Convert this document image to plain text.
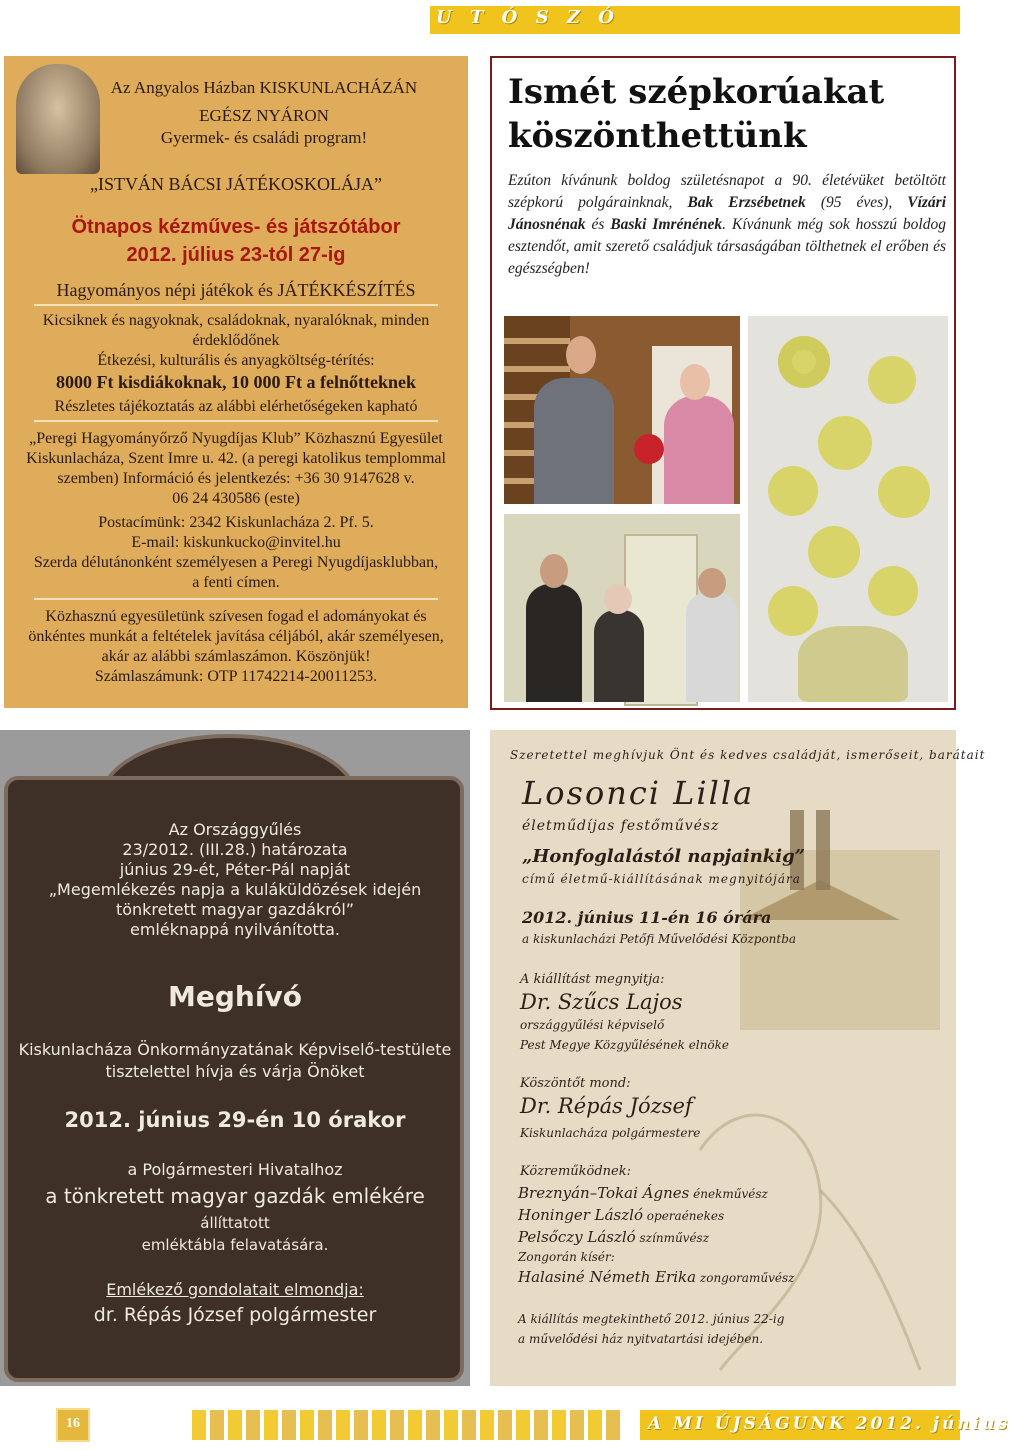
U T Ó S Z Ó
Az Angyalos Házban KISKUNLACHÁZÁN
EGÉSZ NYÁRON
Gyermek- és családi program!
„ISTVÁN BÁCSI JÁTÉKOSKOLÁJA”
Ötnapos kézműves- és játszótábor
2012. július 23-tól 27-ig
Hagyományos népi játékok és JÁTÉKKÉSZÍTÉS
Kicsiknek és nagyoknak, családoknak, nyaralóknak, minden
érdeklődőnek
Étkezési, kulturális és anyagköltség-térítés:
8000 Ft kisdiákoknak, 10 000 Ft a felnőtteknek
Részletes tájékoztatás az alábbi elérhetőségeken kapható
„Peregi Hagyományőrző Nyugdíjas Klub” Közhasznú Egyesület
Kiskunlacháza, Szent Imre u. 42. (a peregi katolikus templommal
szemben) Információ és jelentkezés: +36 30 9147628 v.
06 24 430586 (este)
Postacímünk: 2342 Kiskunlacháza 2. Pf. 5.
E-mail: kiskunkucko@invitel.hu
Szerda délutánonként személyesen a Peregi Nyugdíjasklubban,
a fenti címen.
Közhasznú egyesületünk szívesen fogad el adományokat és
önkéntes munkát a feltételek javítása céljából, akár személyesen,
akár az alábbi számlaszámon. Köszönjük!
Számlaszámunk: OTP 11742214-20011253.
Ismét szépkorúakat
köszönthettünk
Ezúton kívánunk boldog születésnapot a 90. életévüket betöltött szépkorú polgárainknak, Bak Erzsébetnek (95 éves), Vízári Jánosnénak és Baski Imrénének. Kívánunk még sok hosszú boldog esztendőt, amit szerető családjuk társaságában tölthetnek el erőben és egészségben!
Az Országgyűlés
23/2012. (III.28.) határozata
június 29-ét, Péter-Pál napját
„Megemlékezés napja a kuláküldözések idején
tönkretett magyar gazdákról”
emléknappá nyilvánította.
Meghívó
Kiskunlacháza Önkormányzatának Képviselő-testülete
tisztelettel hívja és várja Önöket
2012. június 29-én 10 órakor
a Polgármesteri Hivatalhoz
a tönkretett magyar gazdák emlékére
állíttatott
emléktábla felavatására.
Emlékező gondolatait elmondja:
dr. Répás József polgármester
Szeretettel meghívjuk Önt és kedves családját, ismerőseit, barátait
Losonci Lilla
életműdíjas festőművész
„Honfoglalástól napjainkig”
című életmű-kiállításának megnyitójára
2012. június 11-én 16 órára
a kiskunlacházi Petőfi Művelődési Központba
A kiállítást megnyitja:
Dr. Szűcs Lajos
országgyűlési képviselő
Pest Megye Közgyűlésének elnöke
Köszöntőt mond:
Dr. Répás József
Kiskunlacháza polgármestere
Közreműködnek:
Breznyán–Tokai Ágnes énekművész
Honinger László operaénekes
Pelsőczy László színművész
Zongorán kísér:
Halasiné Németh Erika zongoraművész
A kiállítás megtekinthető 2012. június 22-ig
a művelődési ház nyitvatartási idejében.
16	A MI ÚJSÁGUNK 2012. június
